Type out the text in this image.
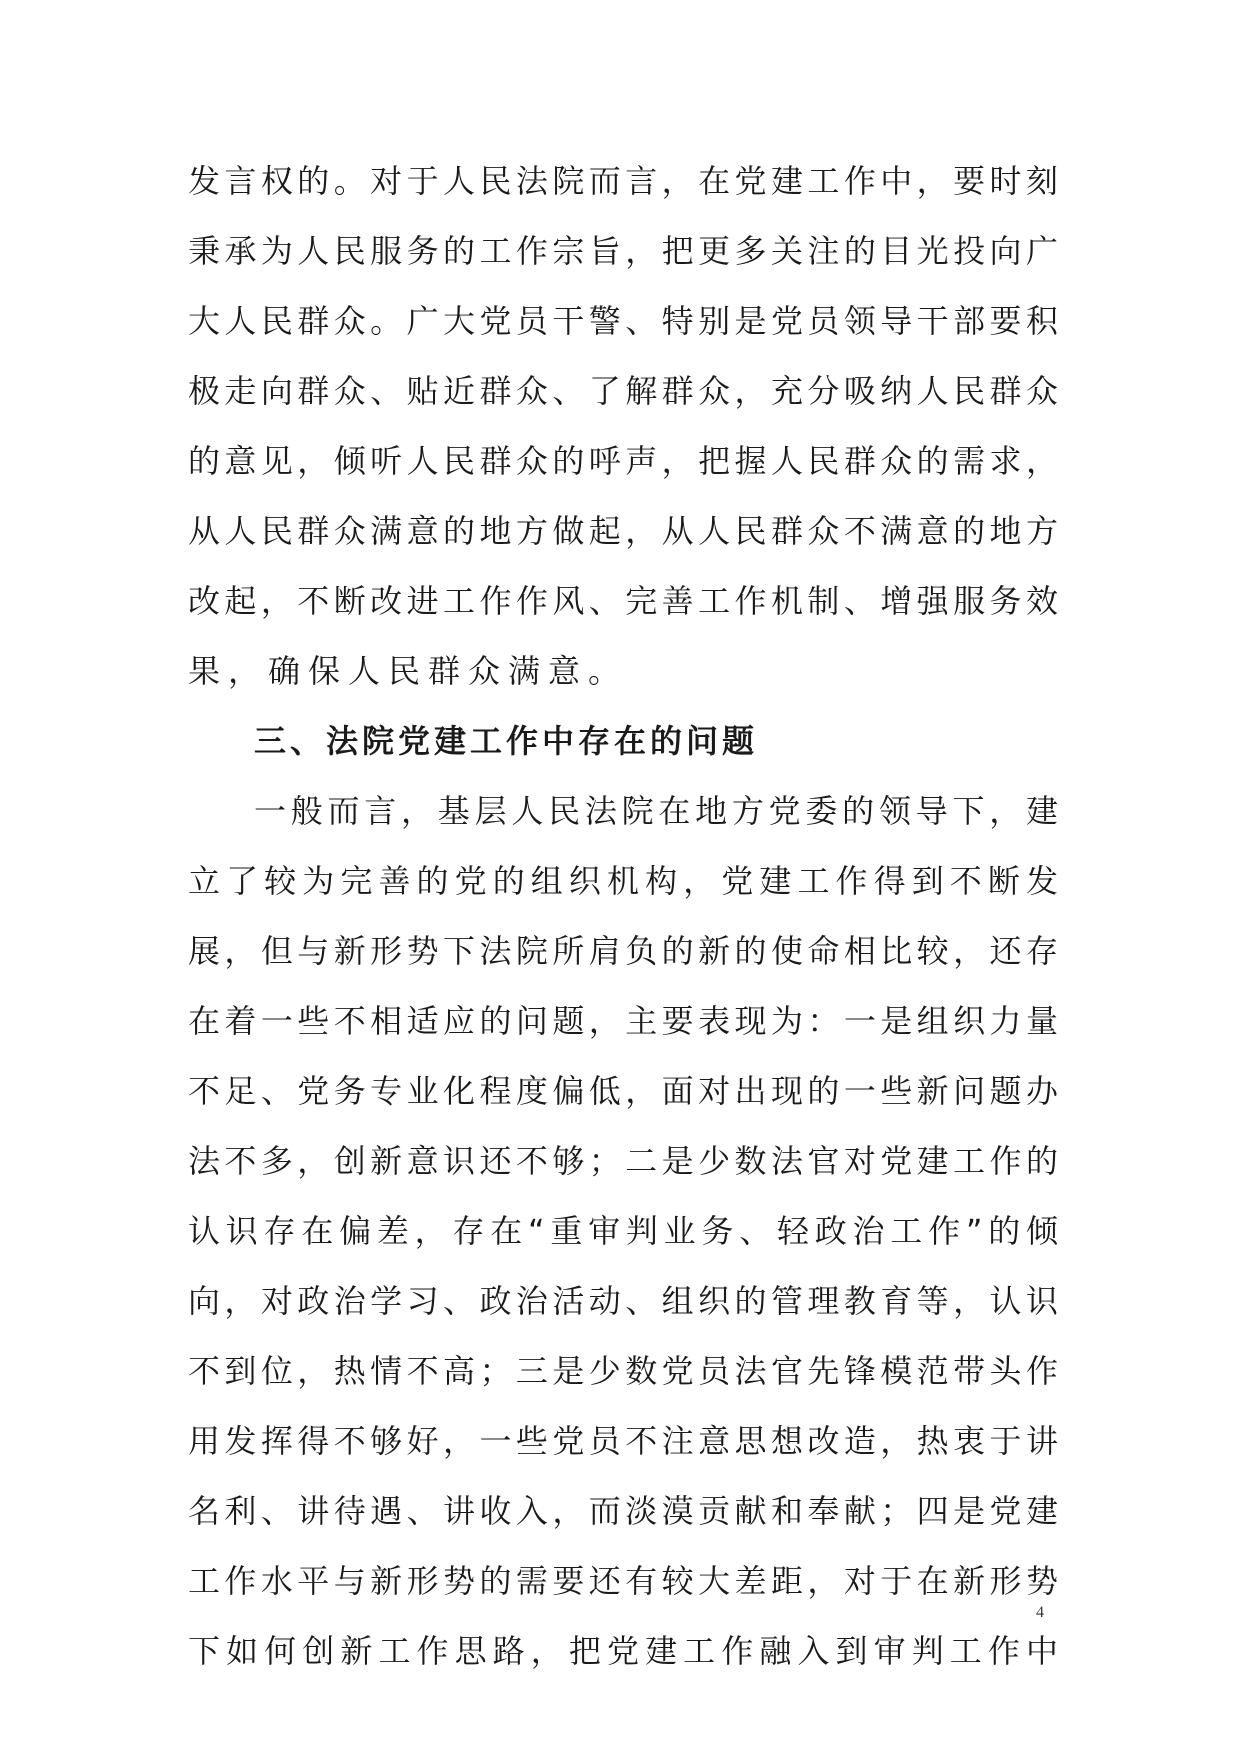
发言权的。对于人民法院而言，在党建工作中，要时刻
秉承为人民服务的工作宗旨，把更多关注的目光投向广
大人民群众。广大党员干警、特别是党员领导干部要积
极走向群众、贴近群众、了解群众，充分吸纳人民群众
的意见，倾听人民群众的呼声，把握人民群众的需求，
从人民群众满意的地方做起，从人民群众不满意的地方
改起，不断改进工作作风、完善工作机制、增强服务效
果，确保人民群众满意。
三、法院党建工作中存在的问题
一般而言，基层人民法院在地方党委的领导下，建
立了较为完善的党的组织机构，党建工作得到不断发
展，但与新形势下法院所肩负的新的使命相比较，还存
在着一些不相适应的问题，主要表现为：一是组织力量
不足、党务专业化程度偏低，面对出现的一些新问题办
法不多，创新意识还不够；二是少数法官对党建工作的
认识存在偏差，存在“重审判业务、轻政治工作”的倾
向，对政治学习、政治活动、组织的管理教育等，认识
不到位，热情不高；三是少数党员法官先锋模范带头作
用发挥得不够好，一些党员不注意思想改造，热衷于讲
名利、讲待遇、讲收入，而淡漠贡献和奉献；四是党建
工作水平与新形势的需要还有较大差距，对于在新形势
下如何创新工作思路，把党建工作融入到审判工作中
4
